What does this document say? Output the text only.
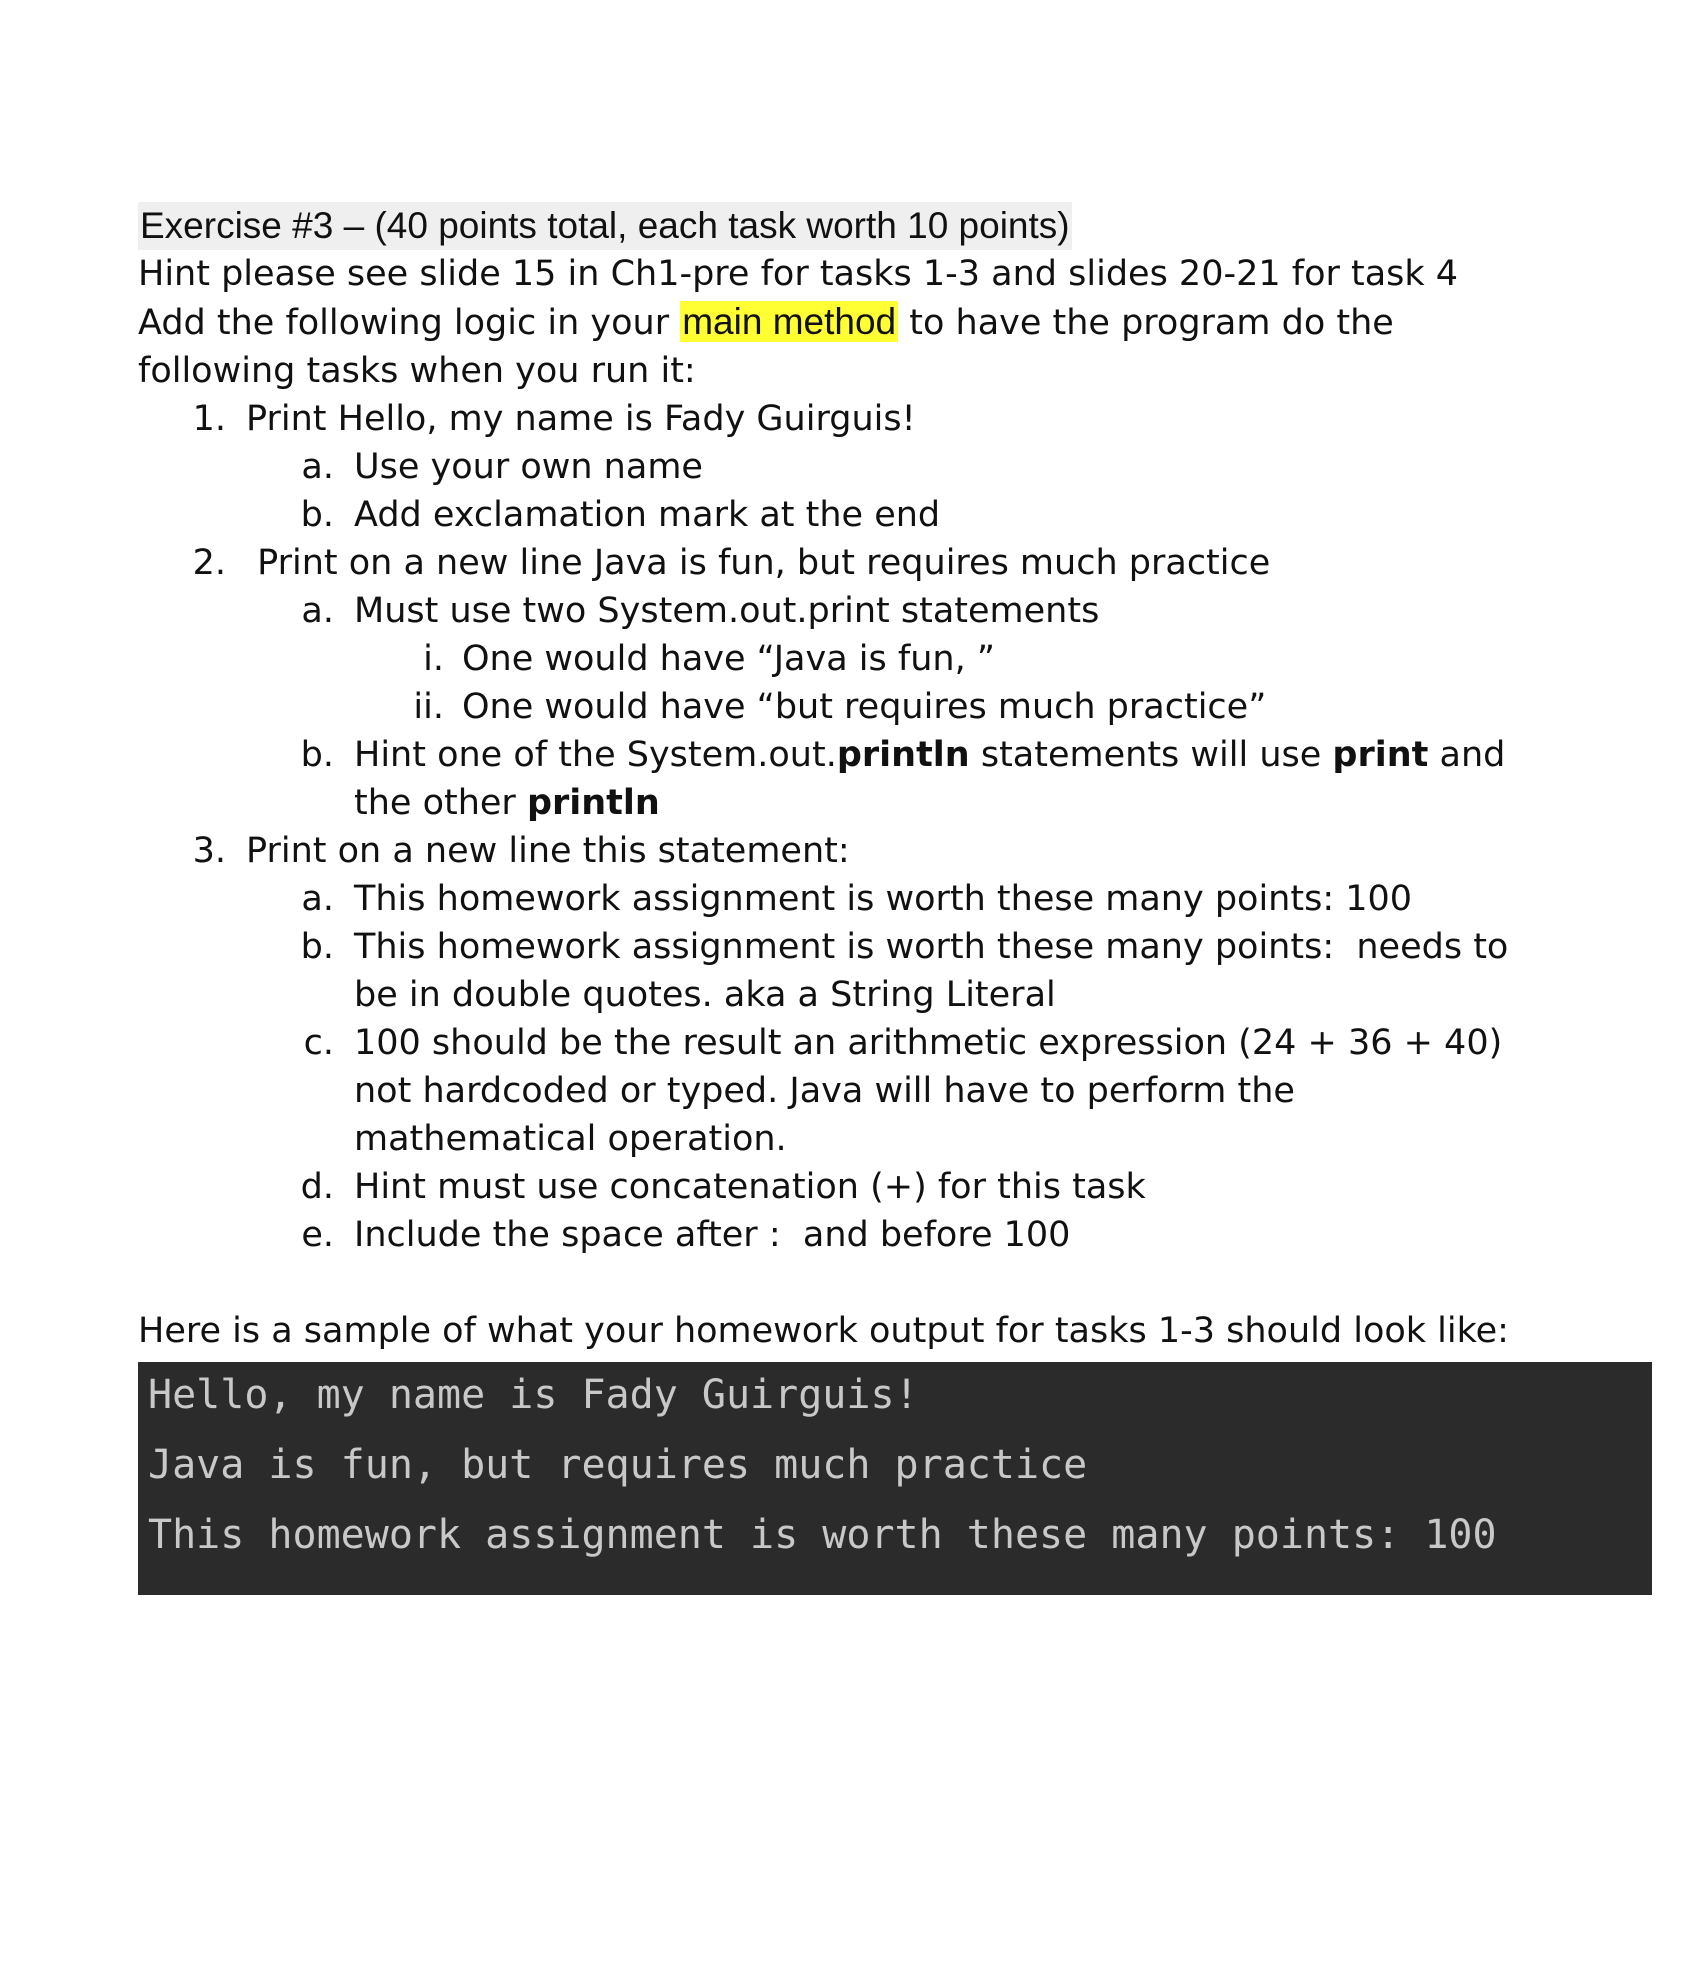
Exercise #3 – (40 points total, each task worth 10 points)
Hint please see slide 15 in Ch1-pre for tasks 1-3 and slides 20-21 for task 4
Add the following logic in your main method to have the program do the
following tasks when you run it:
1. Print Hello, my name is Fady Guirguis!
a. Use your own name
b. Add exclamation mark at the end
2. Print on a new line Java is fun, but requires much practice
a. Must use two System.out.print statements
i. One would have “Java is fun, ”
ii. One would have “but requires much practice”
b. Hint one of the System.out.println statements will use print and
the other println
3. Print on a new line this statement:
a. This homework assignment is worth these many points: 100
b. This homework assignment is worth these many points:  needs to
be in double quotes. aka a String Literal
c. 100 should be the result an arithmetic expression (24 + 36 + 40)
not hardcoded or typed. Java will have to perform the
mathematical operation.
d. Hint must use concatenation (+) for this task
e. Include the space after :  and before 100
Here is a sample of what your homework output for tasks 1-3 should look like:
Hello, my name is Fady Guirguis!
Java is fun, but requires much practice
This homework assignment is worth these many points: 100
